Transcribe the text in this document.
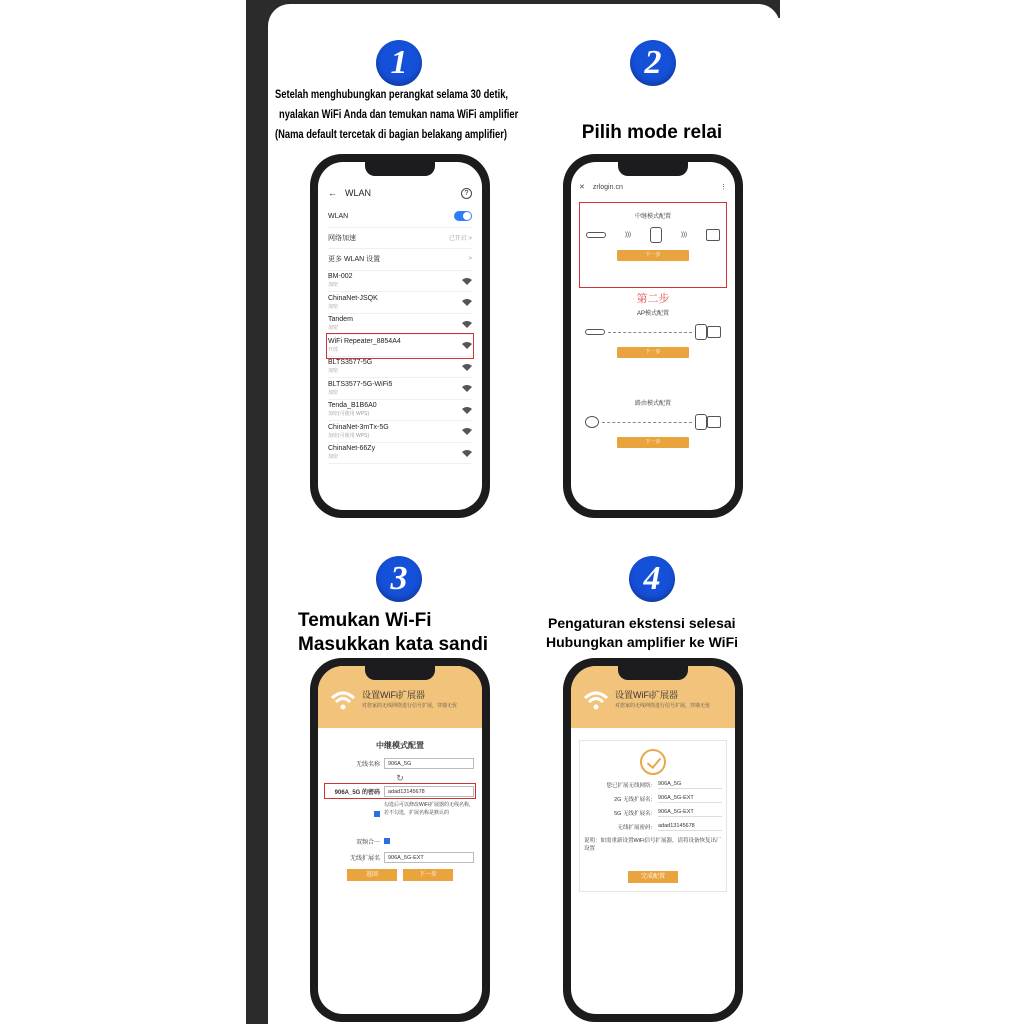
1
Setelah menghubungkan perangkat selama 30 detik,
nyalakan WiFi Anda dan temukan nama WiFi amplifier
(Nama default tercetak di bagian belakang amplifier)
2
Pilih mode relai
3
Temukan Wi-Fi
Masukkan kata sandi
4
Pengaturan ekstensi selesai
Hubungkan amplifier ke WiFi
← WLAN	?
WLAN
网络加速	已开启 >
更多 WLAN 设置	>
BM-002
加密
ChinaNet-JSQK
加密
Tandem
加密
WiFi Repeater_8854A4
开放
BLTS3577-5G
加密
BLTS3577-5G-WiFi5
加密
Tenda_B1B6A0
加密(可使用 WPS)
ChinaNet-3mTx-5G
加密(可使用 WPS)
ChinaNet-66Zy
加密
✕ zrlogin.cn	⋮
中继模式配置
)))	)))
下一步
第二步
AP模式配置
下一步
路由模式配置
下一步
设置WiFi扩展器
对您家的无线网络进行信号扩展，穿墙无忧
中继模式配置
无线名称	906A_5G
↻
906A_5G 的密码	adad13145678
勾选后可以修改WiFi扩展器的无线名称，若不勾选，扩展名称是默认的
双频合一
无线扩展名	906A_5G-EXT
返回	下一步
设置WiFi扩展器
对您家的无线网络进行信号扩展，穿墙无忧
您已扩展无线网络:	906A_5G
2G 无线扩展名:	906A_5G-EXT
5G 无线扩展名:	906A_5G-EXT
无线扩展密码:	adad13145678
说明：如需重新设置WiFi信号扩展器，请将设备恢复出厂设置
完成配置
